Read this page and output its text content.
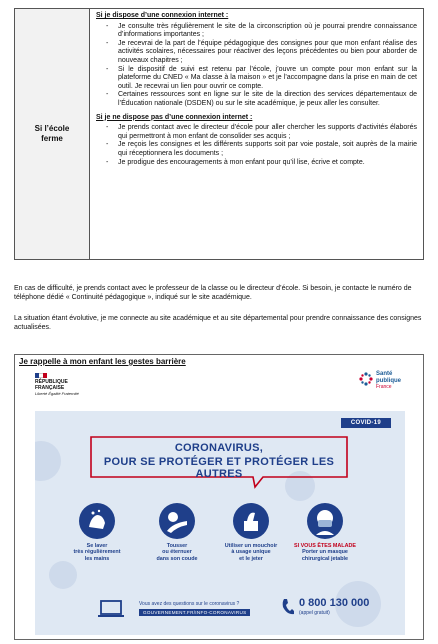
Si l’école
ferme
Si je dispose d’une connexion internet :
- Je consulte très régulièrement le site de la circonscription où je pourrai prendre connaissance d’informations importantes ;
- Je recevrai de la part de l’équipe pédagogique des consignes pour que mon enfant réalise des activités scolaires, nécessaires pour réactiver des leçons précédentes ou bien pour aborder de nouveaux chapitres ;
- Si le dispositif de suivi est retenu par l’école, j’ouvre un compte pour mon enfant sur la plateforme du CNED « Ma classe à la maison » et je l’accompagne dans la prise en main de cet outil. Je recevrai un lien pour ouvrir ce compte.
- Certaines ressources sont en ligne sur le site de la direction des services départementaux de l’Éducation nationale (DSDEN) ou sur le site académique, je peux aller les consulter.
Si je ne dispose pas d’une connexion internet :
- Je prends contact avec le directeur d’école pour aller chercher les supports d’activités élaborés qui permettront à mon enfant de consolider ses acquis ;
- Je reçois les consignes et les différents supports soit par voie postale, soit auprès de la mairie qui réceptionnera les documents ;
- Je prodigue des encouragements à mon enfant pour qu’il lise, écrive et compte.
En cas de difficulté, je prends contact avec le professeur de la classe ou le directeur d’école. Si besoin, je contacte le numéro de téléphone dédié « Continuité pédagogique », indiqué sur le site académique.
La situation étant évolutive, je me connecte au site académique et au site départemental pour prendre connaissance des consignes actualisées.
Je rappelle à mon enfant les gestes barrière
RÉPUBLIQUE
FRANÇAISE
Liberté Égalité Fraternité
Santé
publique
France
COVID-19
CORONAVIRUS,
POUR SE PROTÉGER ET PROTÉGER LES AUTRES
Se laver
très régulièrement
les mains
Tousser
ou éternuer
dans son coude
Utiliser un mouchoir
à usage unique
et le jeter
SI VOUS ÊTES MALADE
Porter un masque
chirurgical jetable
Vous avez des questions sur le coronavirus ?
GOUVERNEMENT.FR/INFO-CORONAVIRUS
0 800 130 000
(appel gratuit)
